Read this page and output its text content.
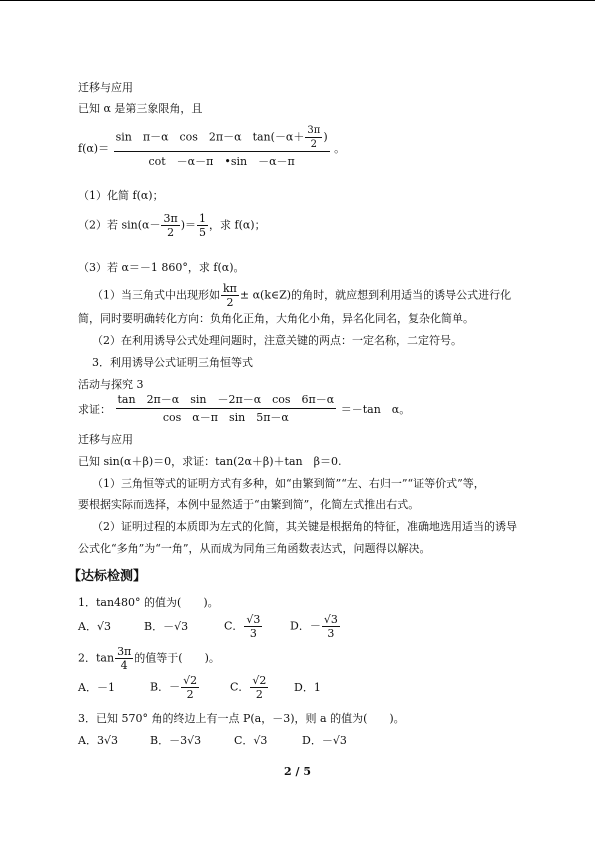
迁移与应用
已知 α 是第三象限角，且
$f(\alpha)= \frac{\sin \pi-\alpha \cos 2\pi-\alpha \tan(-\alpha+ \frac{3\pi}{2} )}{\cot -\alpha-\pi •\sin -\alpha-\pi}$ 。
（1）化简 f(α)；
（2）若 $\sin(\alpha- \frac{3\pi}{2}$ )＝ $\frac{1}{5}$ ，求 f(α)；
（3）若 α＝－1 860°，求 f(α)。
（1）当三角式中出现形如 $\frac{k\pi}{2}$ ± α(k∈Z)的角时，就应想到利用适当的诱导公式进行化
简，同时要明确转化方向：负角化正角，大角化小角，异名化同名，复杂化简单。
（2）在利用诱导公式处理问题时，注意关键的两点：一定名称，二定符号。
3．利用诱导公式证明三角恒等式
活动与探究 3
求证： $\frac{\text{tan　2π－α　sin　－2π－α　cos　6π－α}}{\text{cos　α－π　sin　5π－α}} =-\tan$　α。
迁移与应用
已知 sin(α＋β)＝0，求证：tan(2α＋β)＋tan　β＝0.
（1）三角恒等式的证明方式有多种，如“由繁到简”“左、右归一”“证等价式”等，
要根据实际而选择，本例中显然适于“由繁到简”，化简左式推出右式。
（2）证明过程的本质即为左式的化简，其关键是根据角的特征，准确地选用适当的诱导
公式化“多角”为“一角”，从而成为同角三角函数表达式，问题得以解决。
【达标检测】
1．tan480° 的值为(　　)。
A．√3	B．－√3	C． $\frac{√3}{3}$	D．－ $\frac{√3}{3}$
2．$\tan \frac{3\pi}{4}$ 的值等于(　　)。
A．－1	B．－ $\frac{√2}{2}$	C． $\frac{√2}{2}$ D．1
3．已知 570° 角的终边上有一点 P(a，－3)，则 a 的值为(　　)。
A．3√3	B．－3√3	C．√3	D．－√3
2 / 5
